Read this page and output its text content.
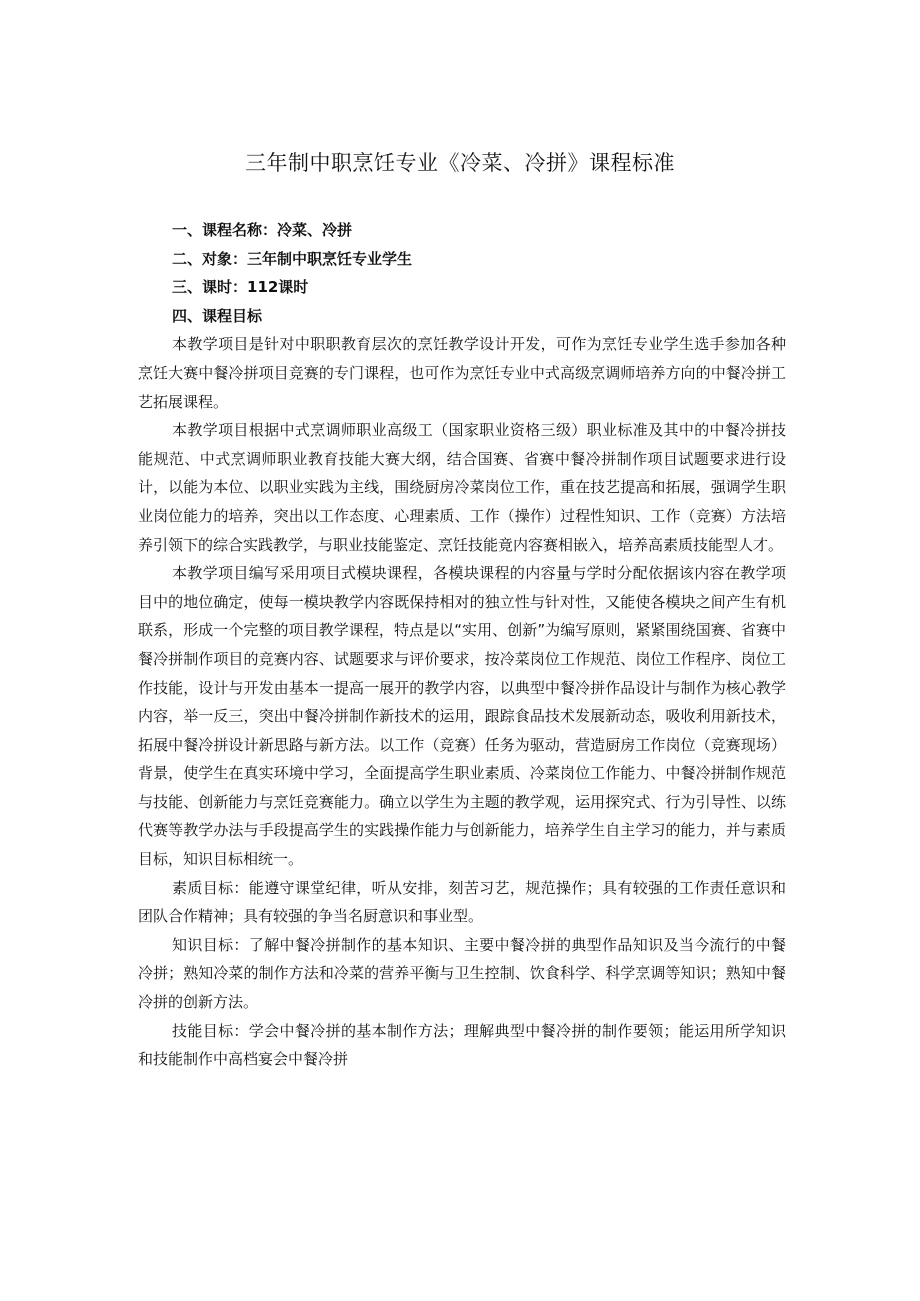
三年制中职烹饪专业《冷菜、冷拼》课程标准

一、课程名称：冷菜、冷拼

二、对象：三年制中职烹饪专业学生

三、课时：112课时

四、课程目标

本教学项目是针对中职职教育层次的烹饪教学设计开发，可作为烹饪专业学生选手参加各种烹饪大赛中餐冷拼项目竞赛的专门课程，也可作为烹饪专业中式高级烹调师培养方向的中餐冷拼工艺拓展课程。

本教学项目根据中式烹调师职业高级工（国家职业资格三级）职业标准及其中的中餐冷拼技能规范、中式烹调师职业教育技能大赛大纲，结合国赛、省赛中餐冷拼制作项目试题要求进行设计，以能为本位、以职业实践为主线，围绕厨房冷菜岗位工作，重在技艺提高和拓展，强调学生职业岗位能力的培养，突出以工作态度、心理素质、工作（操作）过程性知识、工作（竞赛）方法培养引领下的综合实践教学，与职业技能鉴定、烹饪技能竟内容赛相嵌入，培养高素质技能型人才。

本教学项目编写采用项目式模块课程，各模块课程的内容量与学时分配依据该内容在教学项目中的地位确定，使每一模块教学内容既保持相对的独立性与针对性，又能使各模块之间产生有机联系，形成一个完整的项目教学课程，特点是以“实用、创新”为编写原则，紧紧围绕国赛、省赛中餐冷拼制作项目的竞赛内容、试题要求与评价要求，按冷菜岗位工作规范、岗位工作程序、岗位工作技能，设计与开发由基本一提高一展开的教学内容，以典型中餐冷拼作品设计与制作为核心教学内容，举一反三，突出中餐冷拼制作新技术的运用，跟踪食品技术发展新动态，吸收利用新技术，拓展中餐冷拼设计新思路与新方法。以工作（竞赛）任务为驱动，营造厨房工作岗位（竞赛现场）背景，使学生在真实环境中学习，全面提高学生职业素质、冷菜岗位工作能力、中餐冷拼制作规范与技能、创新能力与烹饪竞赛能力。确立以学生为主题的教学观，运用探究式、行为引导性、以练代赛等教学办法与手段提高学生的实践操作能力与创新能力，培养学生自主学习的能力，并与素质目标，知识目标相统一。

素质目标：能遵守课堂纪律，听从安排，刻苦习艺，规范操作；具有较强的工作责任意识和团队合作精神；具有较强的争当名厨意识和事业型。

知识目标：了解中餐冷拼制作的基本知识、主要中餐冷拼的典型作品知识及当今流行的中餐冷拼；熟知冷菜的制作方法和冷菜的营养平衡与卫生控制、饮食科学、科学烹调等知识；熟知中餐冷拼的创新方法。

技能目标：学会中餐冷拼的基本制作方法；理解典型中餐冷拼的制作要领；能运用所学知识和技能制作中高档宴会中餐冷拼
